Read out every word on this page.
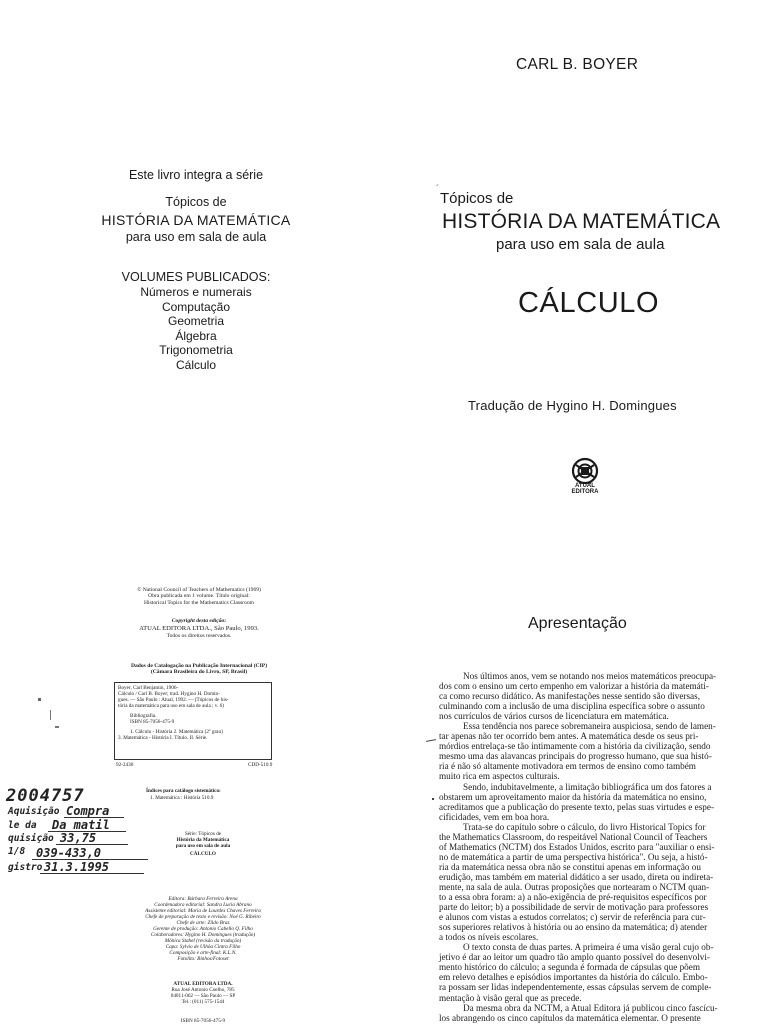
Este livro integra a série
Tópicos de
HISTÓRIA DA MATEMÁTICA
para uso em sala de aula
VOLUMES PUBLICADOS:
Números e numerais
Computação
Geometria
Álgebra
Trigonometria
Cálculo
CARL B. BOYER
Tópicos de
´
HISTÓRIA DA MATEMÁTICA
para uso em sala de aula
CÁLCULO
Tradução de Hygino H. Domingues
ATUAL
EDITORA
© National Council of Teachers of Mathematics (1969)
Obra publicada em 1 volume. Título original:
Historical Topics for the Mathematics Classroom
Copyright desta edição:
ATUAL EDITORA LTDA., São Paulo, 1993.
Todos os direitos reservados.
Dados de Catalogação na Publicação Internacional (CIP)
(Câmara Brasileira do Livro, SP, Brasil)
Boyer, Carl Benjamin, 1906-
Cálculo / Carl B. Boyer; trad. Hygino H. Domin-
gues. — São Paulo : Atual, 1992. — (Tópicos de his-
tória da matemática para uso em sala de aula ; v. 6)
Bibliografia.
ISBN 85-7056-475-9
1. Cálculo - História 2. Matemática (2º grau)
3. Matemática - História I. Título. II. Série.
92-2430	CDD-510.9
Índices para catálogo sistemático:
1. Matemática : História 510.9
2004757
Aquisição Compra
le da Da matil
quisição 33,75
1/8 039-433,0
gistro 31.3.1995
Série: Tópicos de
História da Matemática
para uso em sala de aula
CÁLCULO
Editora: Bárbara Ferreira Arena
Coordenadora editorial: Sandra Lucia Abrano
Assistente editorial: Maria de Lourdes Chaves Ferreira
Chefe de preparação de texto e revisão: Noé G. Ribeiro
Chefe de arte: Zildo Braz
Gerente de produção: Antonio Cabello Q. Filho
Colaboradores: Hygino H. Domingues (tradução)
Mônica Stahel (revisão da tradução)
Capa: Sylvio de Ulhôa Cintra Filho
Composição e arte-final: K.L.N.
Fotolito: Binhos/Fotoset
ATUAL EDITORA LTDA.
Rua José Antonio Coelho, 785
04011-062 — São Paulo — SP
Tel.: (011) 575-1544
ISBN 85-7056-475-9
Apresentação
Nos últimos anos, vem se notando nos meios matemáticos preocupa-
dos com o ensino um certo empenho em valorizar a história da matemáti-
ca como recurso didático. As manifestações nesse sentido são diversas,
culminando com a inclusão de uma disciplina específica sobre o assunto
nos currículos de vários cursos de licenciatura em matemática.
Essa tendência nos parece sobremaneira auspiciosa, sendo de lamen-
tar apenas não ter ocorrido bem antes. A matemática desde os seus pri-
mórdios entrelaça-se tão intimamente com a história da civilização, sendo
mesmo uma das alavancas principais do progresso humano, que sua histó-
ria é não só altamente motivadora em termos de ensino como também
muito rica em aspectos culturais.
Sendo, indubitavelmente, a limitação bibliográfica um dos fatores a
obstarem um aproveitamento maior da história da matemática no ensino,
acreditamos que a publicação do presente texto, pelas suas virtudes e espe-
cificidades, vem em boa hora.
Trata-se do capítulo sobre o cálculo, do livro Historical Topics for
the Mathematics Classroom, do respeitável National Council of Teachers
of Mathematics (NCTM) dos Estados Unidos, escrito para "auxiliar o ensi-
no de matemática a partir de uma perspectiva histórica". Ou seja, a histó-
ria da matemática nessa obra não se constitui apenas em informação ou
erudição, mas também em material didático a ser usado, direta ou indireta-
mente, na sala de aula. Outras proposições que nortearam o NCTM quan-
to a essa obra foram: a) a não-exigência de pré-requisitos específicos por
parte do leitor; b) a possibilidade de servir de motivação para professores
e alunos com vistas a estudos correlatos; c) servir de referência para cur-
sos superiores relativos à história ou ao ensino da matemática; d) atender
a todos os níveis escolares.
O texto consta de duas partes. A primeira é uma visão geral cujo ob-
jetivo é dar ao leitor um quadro tão amplo quanto possível do desenvolvi-
mento histórico do cálculo; a segunda é formada de cápsulas que põem
em relevo detalhes e episódios importantes da história do cálculo. Embo-
ra possam ser lidas independentemente, essas cápsulas servem de comple-
mentação à visão geral que as precede.
Da mesma obra da NCTM, a Atual Editora já publicou cinco fascícu-
los abrangendo os cinco capítulos da matemática elementar. O presente
